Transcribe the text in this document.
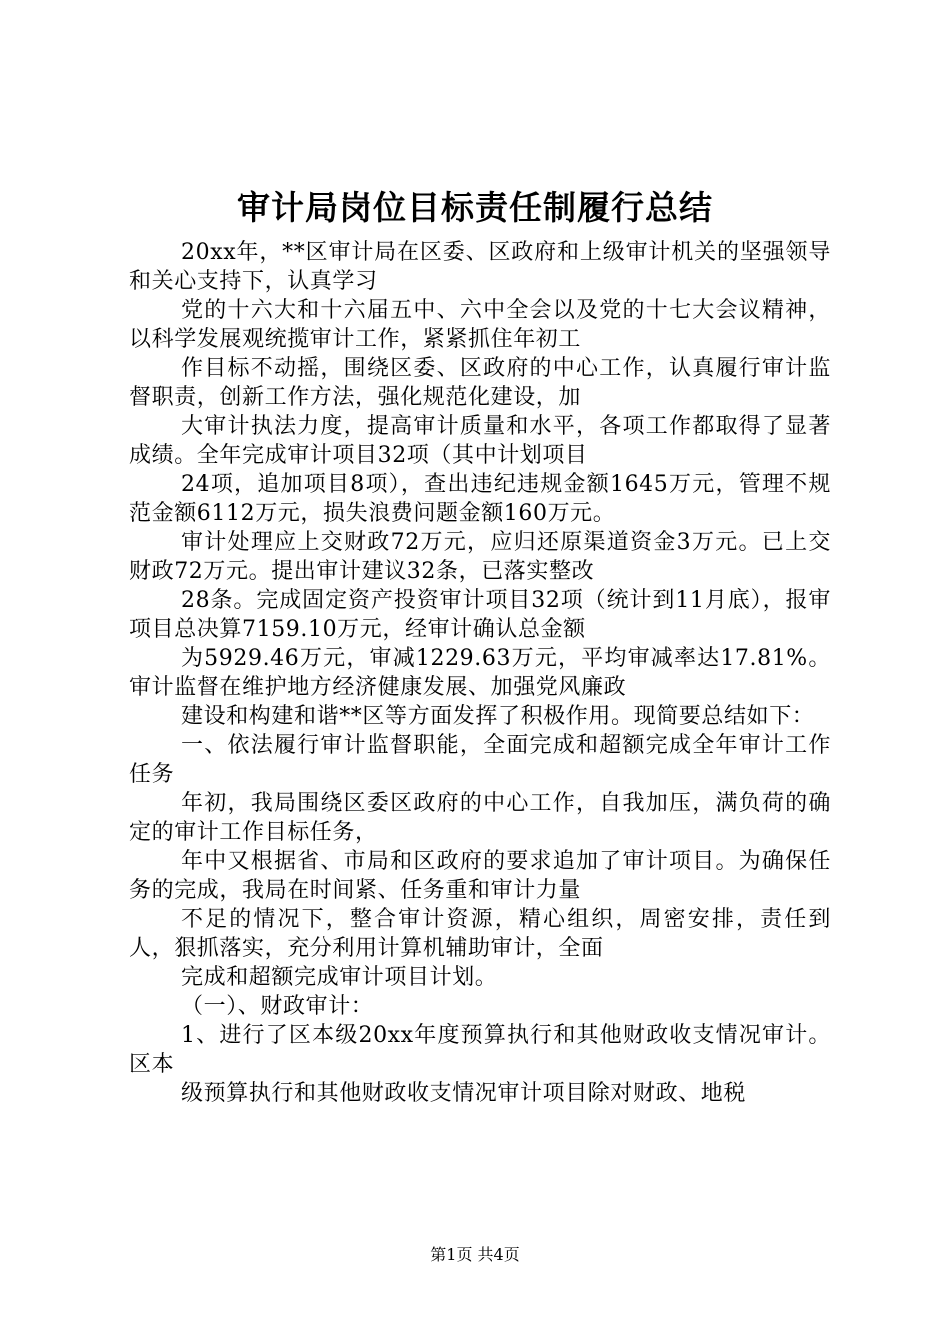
审计局岗位目标责任制履行总结

20xx年，**区审计局在区委、区政府和上级审计机关的坚强领导和关心支持下，认真学习

党的十六大和十六届五中、六中全会以及党的十七大会议精神，以科学发展观统揽审计工作，紧紧抓住年初工

作目标不动摇，围绕区委、区政府的中心工作，认真履行审计监督职责，创新工作方法，强化规范化建设，加

大审计执法力度，提高审计质量和水平，各项工作都取得了显著成绩。全年完成审计项目32项（其中计划项目

24项，追加项目8项），查出违纪违规金额1645万元，管理不规范金额6112万元，损失浪费问题金额160万元。

审计处理应上交财政72万元，应归还原渠道资金3万元。已上交财政72万元。提出审计建议32条，已落实整改

28条。完成固定资产投资审计项目32项（统计到11月底），报审项目总决算7159.10万元，经审计确认总金额

为5929.46万元，审减1229.63万元，平均审减率达17.81%。审计监督在维护地方经济健康发展、加强党风廉政

建设和构建和谐**区等方面发挥了积极作用。现简要总结如下：

一、依法履行审计监督职能，全面完成和超额完成全年审计工作任务

年初，我局围绕区委区政府的中心工作，自我加压，满负荷的确定的审计工作目标任务，

年中又根据省、市局和区政府的要求追加了审计项目。为确保任务的完成，我局在时间紧、任务重和审计力量

不足的情况下，整合审计资源，精心组织，周密安排，责任到人，狠抓落实，充分利用计算机辅助审计，全面

完成和超额完成审计项目计划。

（一）、财政审计：

1、进行了区本级20xx年度预算执行和其他财政收支情况审计。区本

级预算执行和其他财政收支情况审计项目除对财政、地税

第1页 共4页
